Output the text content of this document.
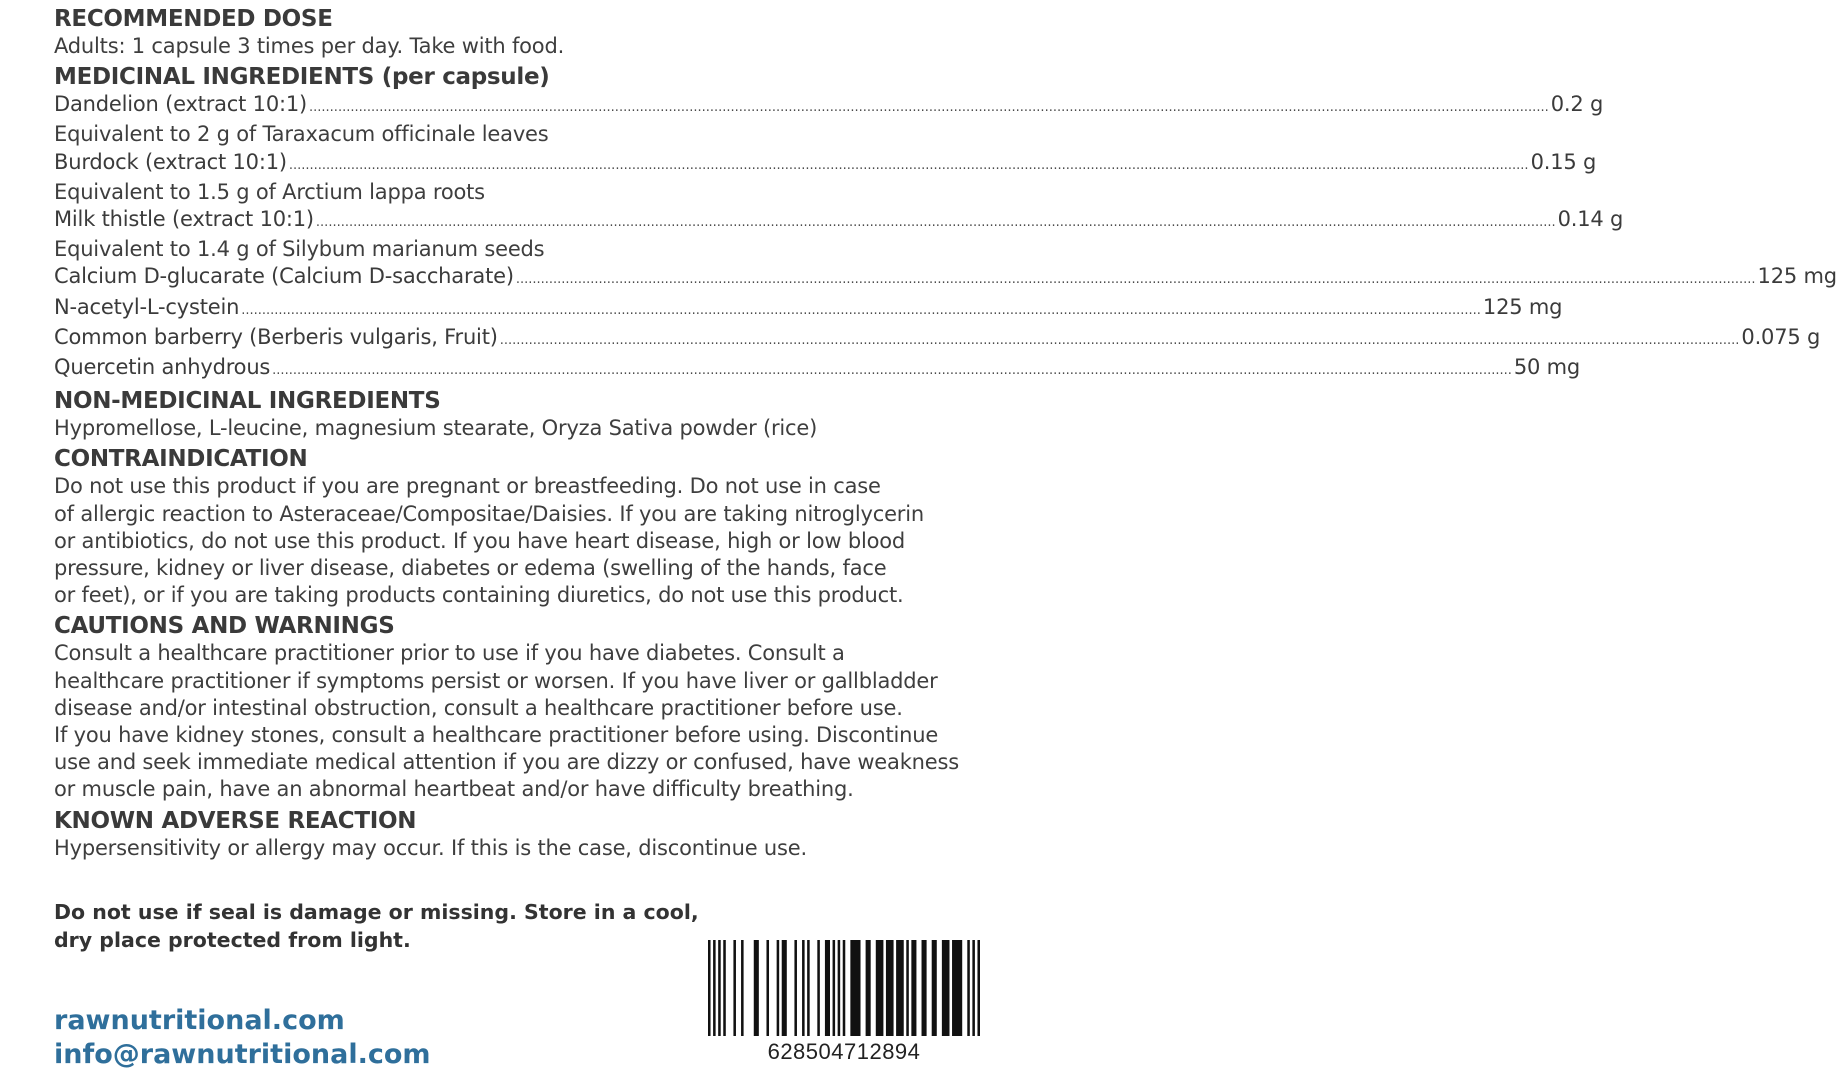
RECOMMENDED DOSE
Adults: 1 capsule 3 times per day. Take with food.
MEDICINAL INGREDIENTS (per capsule)
Dandelion (extract 10:1) ............................................................................................................................................................................................................................................................................................................ 0.2 g
Equivalent to 2 g of Taraxacum officinale leaves
Burdock (extract 10:1) ............................................................................................................................................................................................................................................................................................................ 0.15 g
Equivalent to 1.5 g of Arctium lappa roots
Milk thistle (extract 10:1) ............................................................................................................................................................................................................................................................................................................ 0.14 g
Equivalent to 1.4 g of Silybum marianum seeds
Calcium D-glucarate (Calcium D-saccharate) ............................................................................................................................................................................................................................................................................................................ 125 mg
N-acetyl-L-cystein ............................................................................................................................................................................................................................................................................................................ 125 mg
Common barberry (Berberis vulgaris, Fruit) ............................................................................................................................................................................................................................................................................................................ 0.075 g
Quercetin anhydrous ............................................................................................................................................................................................................................................................................................................ 50 mg
NON-MEDICINAL INGREDIENTS
Hypromellose, L-leucine, magnesium stearate, Oryza Sativa powder (rice)
CONTRAINDICATION
Do not use this product if you are pregnant or breastfeeding. Do not use in case
of allergic reaction to Asteraceae/Compositae/Daisies. If you are taking nitroglycerin
or antibiotics, do not use this product. If you have heart disease, high or low blood
pressure, kidney or liver disease, diabetes or edema (swelling of the hands, face
or feet), or if you are taking products containing diuretics, do not use this product.
CAUTIONS AND WARNINGS
Consult a healthcare practitioner prior to use if you have diabetes. Consult a
healthcare practitioner if symptoms persist or worsen. If you have liver or gallbladder
disease and/or intestinal obstruction, consult a healthcare practitioner before use.
If you have kidney stones, consult a healthcare practitioner before using. Discontinue
use and seek immediate medical attention if you are dizzy or confused, have weakness
or muscle pain, have an abnormal heartbeat and/or have difficulty breathing.
KNOWN ADVERSE REACTION
Hypersensitivity or allergy may occur. If this is the case, discontinue use.
Do not use if seal is damage or missing. Store in a cool,
dry place protected from light.
rawnutritional.com
info@rawnutritional.com	628504712894
